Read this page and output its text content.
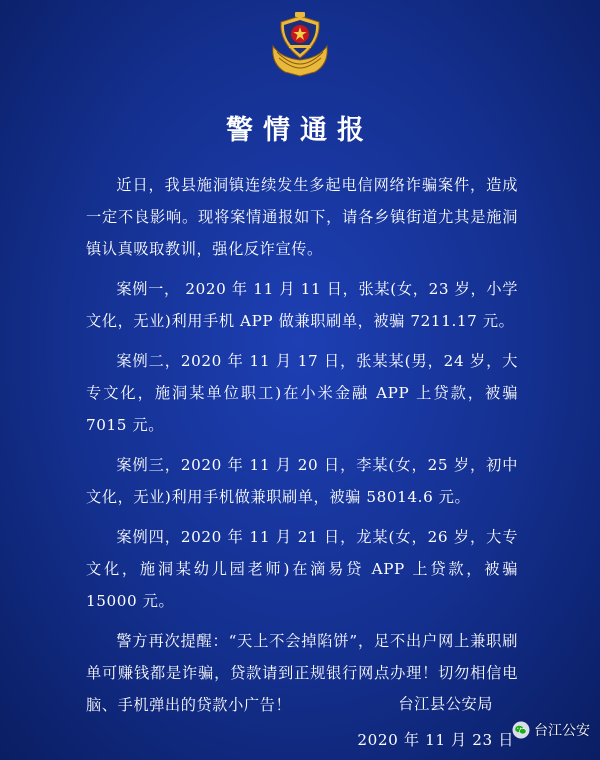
警情通报

近日，我县施洞镇连续发生多起电信网络诈骗案件，造成一定不良影响。现将案情通报如下，请各乡镇街道尤其是施洞镇认真吸取教训，强化反诈宣传。

案例一， 2020 年 11 月 11 日，张某(女，23 岁，小学文化，无业)利用手机 APP 做兼职刷单，被骗 7211.17 元。

案例二，2020 年 11 月 17 日，张某某(男，24 岁，大专文化，施洞某单位职工)在小米金融 APP 上贷款，被骗 7015 元。

案例三，2020 年 11 月 20 日，李某(女，25 岁，初中文化，无业)利用手机做兼职刷单，被骗 58014.6 元。

案例四，2020 年 11 月 21 日，龙某(女，26 岁，大专文化，施洞某幼儿园老师)在滴易贷 APP 上贷款，被骗 15000 元。

警方再次提醒：“天上不会掉陷饼”，足不出户网上兼职刷单可赚钱都是诈骗，贷款请到正规银行网点办理！切勿相信电脑、手机弹出的贷款小广告！	台江县公安局
2020 年 11 月 23 日 台江公安
